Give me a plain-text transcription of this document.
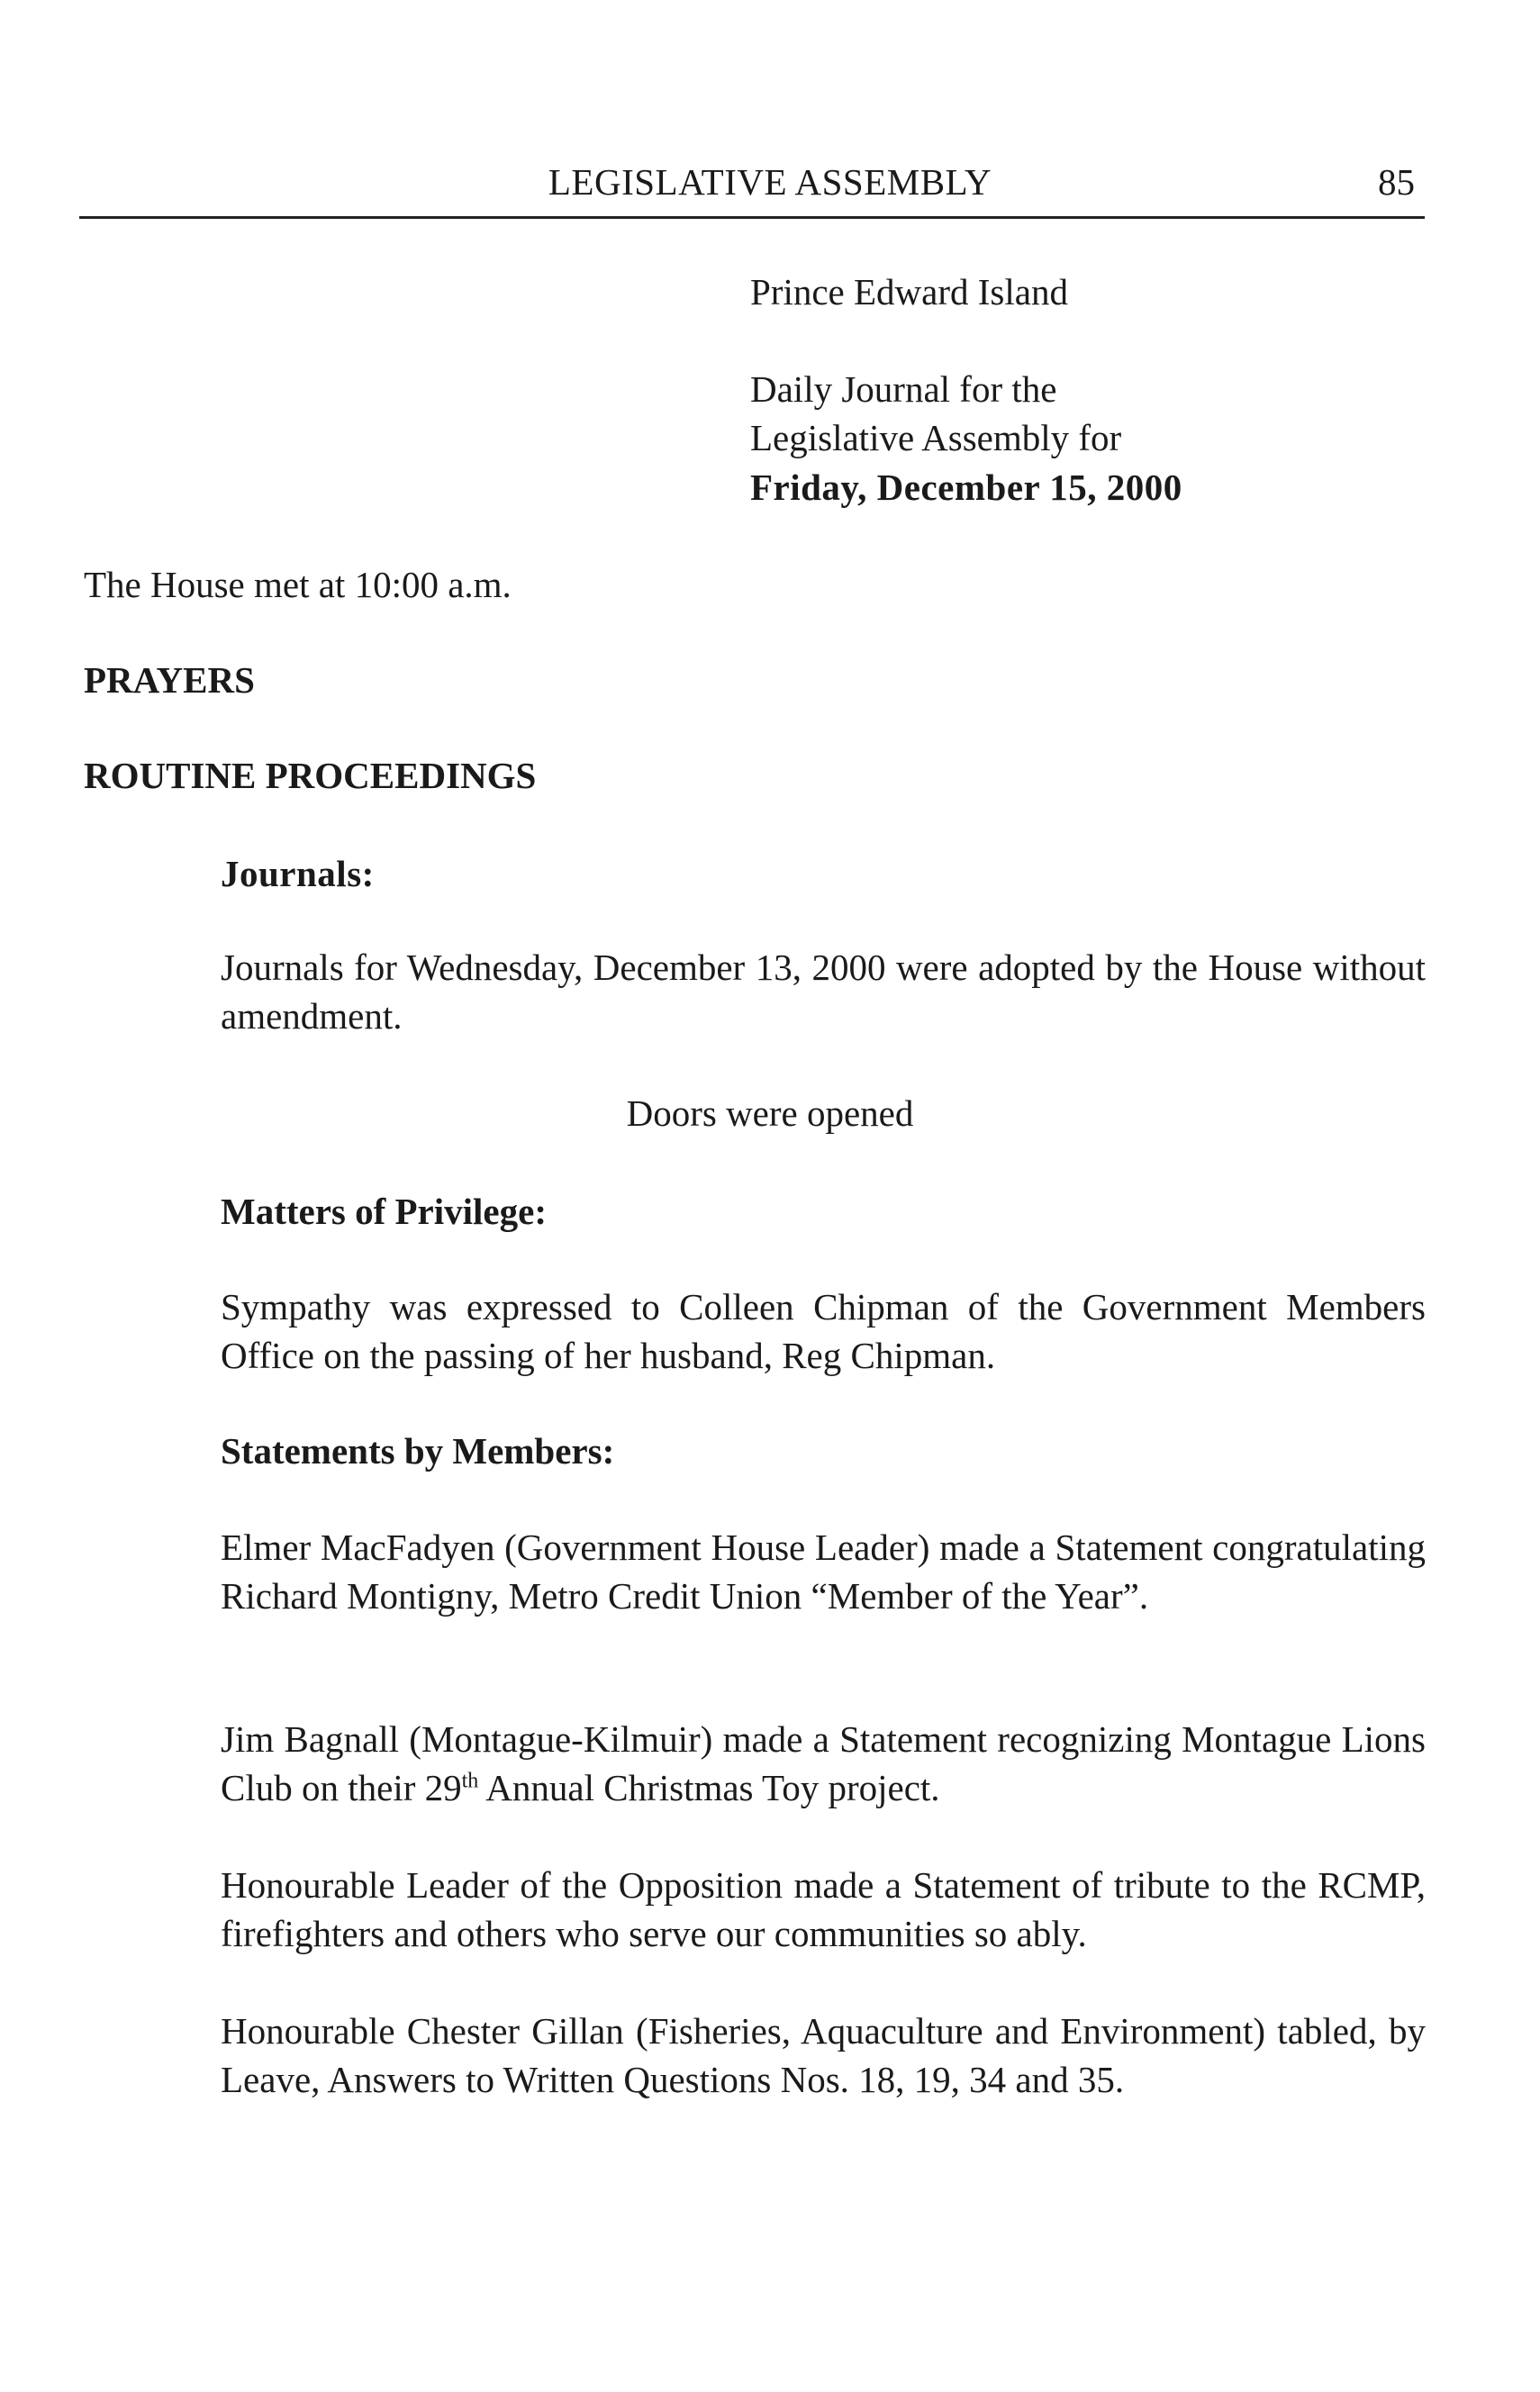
LEGISLATIVE ASSEMBLY	85
Prince Edward Island
Daily Journal for the
Legislative Assembly for
Friday, December 15, 2000
The House met at 10:00 a.m.
PRAYERS
ROUTINE PROCEEDINGS
Journals:
Journals for Wednesday, December 13, 2000 were adopted by the House without amendment.
Doors were opened
Matters of Privilege:
Sympathy was expressed to Colleen Chipman of the Government Members Office on the passing of her husband, Reg Chipman.
Statements by Members:
Elmer MacFadyen (Government House Leader) made a Statement congratulating Richard Montigny, Metro Credit Union “Member of the Year”.
Jim Bagnall (Montague-Kilmuir) made a Statement recognizing Montague Lions Club on their 29th Annual Christmas Toy project.
Honourable Leader of the Opposition made a Statement of tribute to the RCMP, firefighters and others who serve our communities so ably.
Honourable Chester Gillan (Fisheries, Aquaculture and Environment) tabled, by Leave, Answers to Written Questions Nos. 18, 19, 34 and 35.
